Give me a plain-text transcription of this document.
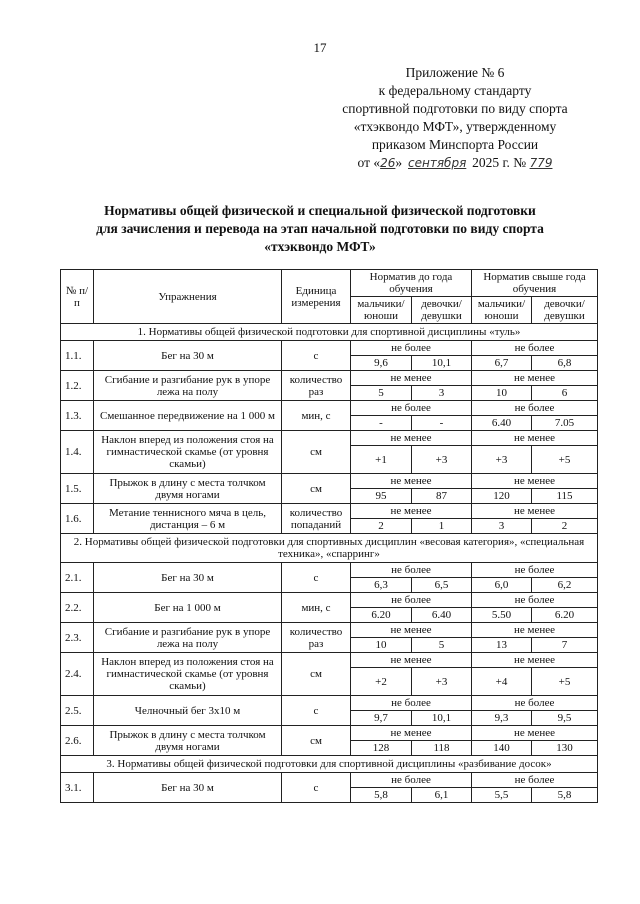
17
Приложение № 6
к федеральному стандарту
спортивной подготовки по виду спорта
«тхэквондо МФТ», утвержденному
приказом Минспорта России
от «26» сентября 2025 г. № 779
Нормативы общей физической и специальной физической подготовки
для зачисления и перевода на этап начальной подготовки по виду спорта
«тхэквондо МФТ»
№ п/п	Упражнения	Единица измерения	Норматив до года обучения		Норматив свыше года обучения	
			мальчики/ юноши	девочки/ девушки	мальчики/ юноши	девочки/ девушки
1. Нормативы общей физической подготовки для спортивной дисциплины «туль»						
1.1.	Бег на 30 м	с	не более		не более	
			9,6	10,1	6,7	6,8
1.2.	Сгибание и разгибание рук в упоре лежа на полу	количество раз	не менее		не менее	
			5	3	10	6
1.3.	Смешанное передвижение на 1 000 м	мин, с	не более		не более	
			-	-	6.40	7.05
1.4.	Наклон вперед из положения стоя на гимнастической скамье (от уровня скамьи)	см	не менее		не менее	
			+1	+3	+3	+5
1.5.	Прыжок в длину с места толчком двумя ногами	см	не менее		не менее	
			95	87	120	115
1.6.	Метание теннисного мяча в цель, дистанция – 6 м	количество попаданий	не менее		не менее	
			2	1	3	2
2. Нормативы общей физической подготовки для спортивных дисциплин «весовая категория», «специальная техника», «спарринг»						
2.1.	Бег на 30 м	с	не более		не более	
			6,3	6,5	6,0	6,2
2.2.	Бег на 1 000 м	мин, с	не более		не более	
			6.20	6.40	5.50	6.20
2.3.	Сгибание и разгибание рук в упоре лежа на полу	количество раз	не менее		не менее	
			10	5	13	7
2.4.	Наклон вперед из положения стоя на гимнастической скамье (от уровня скамьи)	см	не менее		не менее	
			+2	+3	+4	+5
2.5.	Челночный бег 3х10 м	с	не более		не более	
			9,7	10,1	9,3	9,5
2.6.	Прыжок в длину с места толчком двумя ногами	см	не менее		не менее	
			128	118	140	130
3. Нормативы общей физической подготовки для спортивной дисциплины «разбивание досок»						
3.1.	Бег на 30 м	с	не более		не более	
			5,8	6,1	5,5	5,8
